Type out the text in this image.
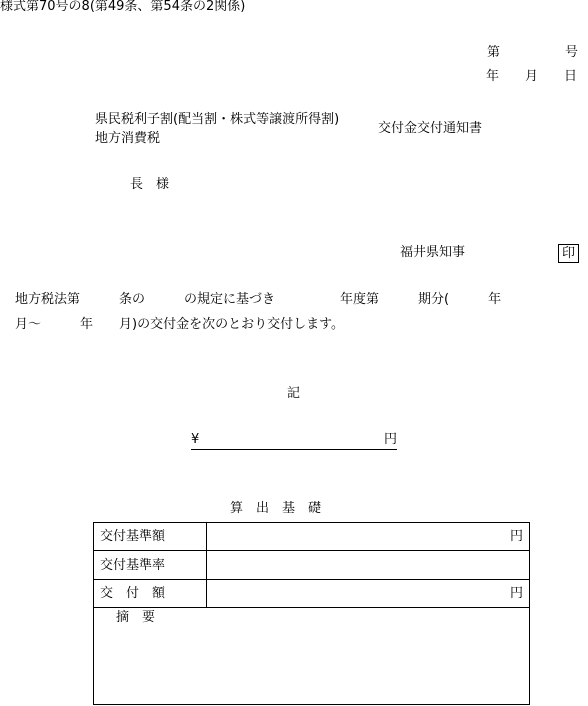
様式第70号の8(第49条、第54条の2関係)
第　　　　　号
年　　月　　日
県民税利子割(配当割・株式等譲渡所得割)
地方消費税
交付金交付通知書
長　様
福井県知事	印
地方税法第　　　条の　　　の規定に基づき　　　　　年度第　　　期分(　　　年
月～　　　年　　月)の交付金を次のとおり交付します。
記
¥	円
算　出　基　礎
交付基準額	円
交付基準率	
交　付　額	円
摘　要
